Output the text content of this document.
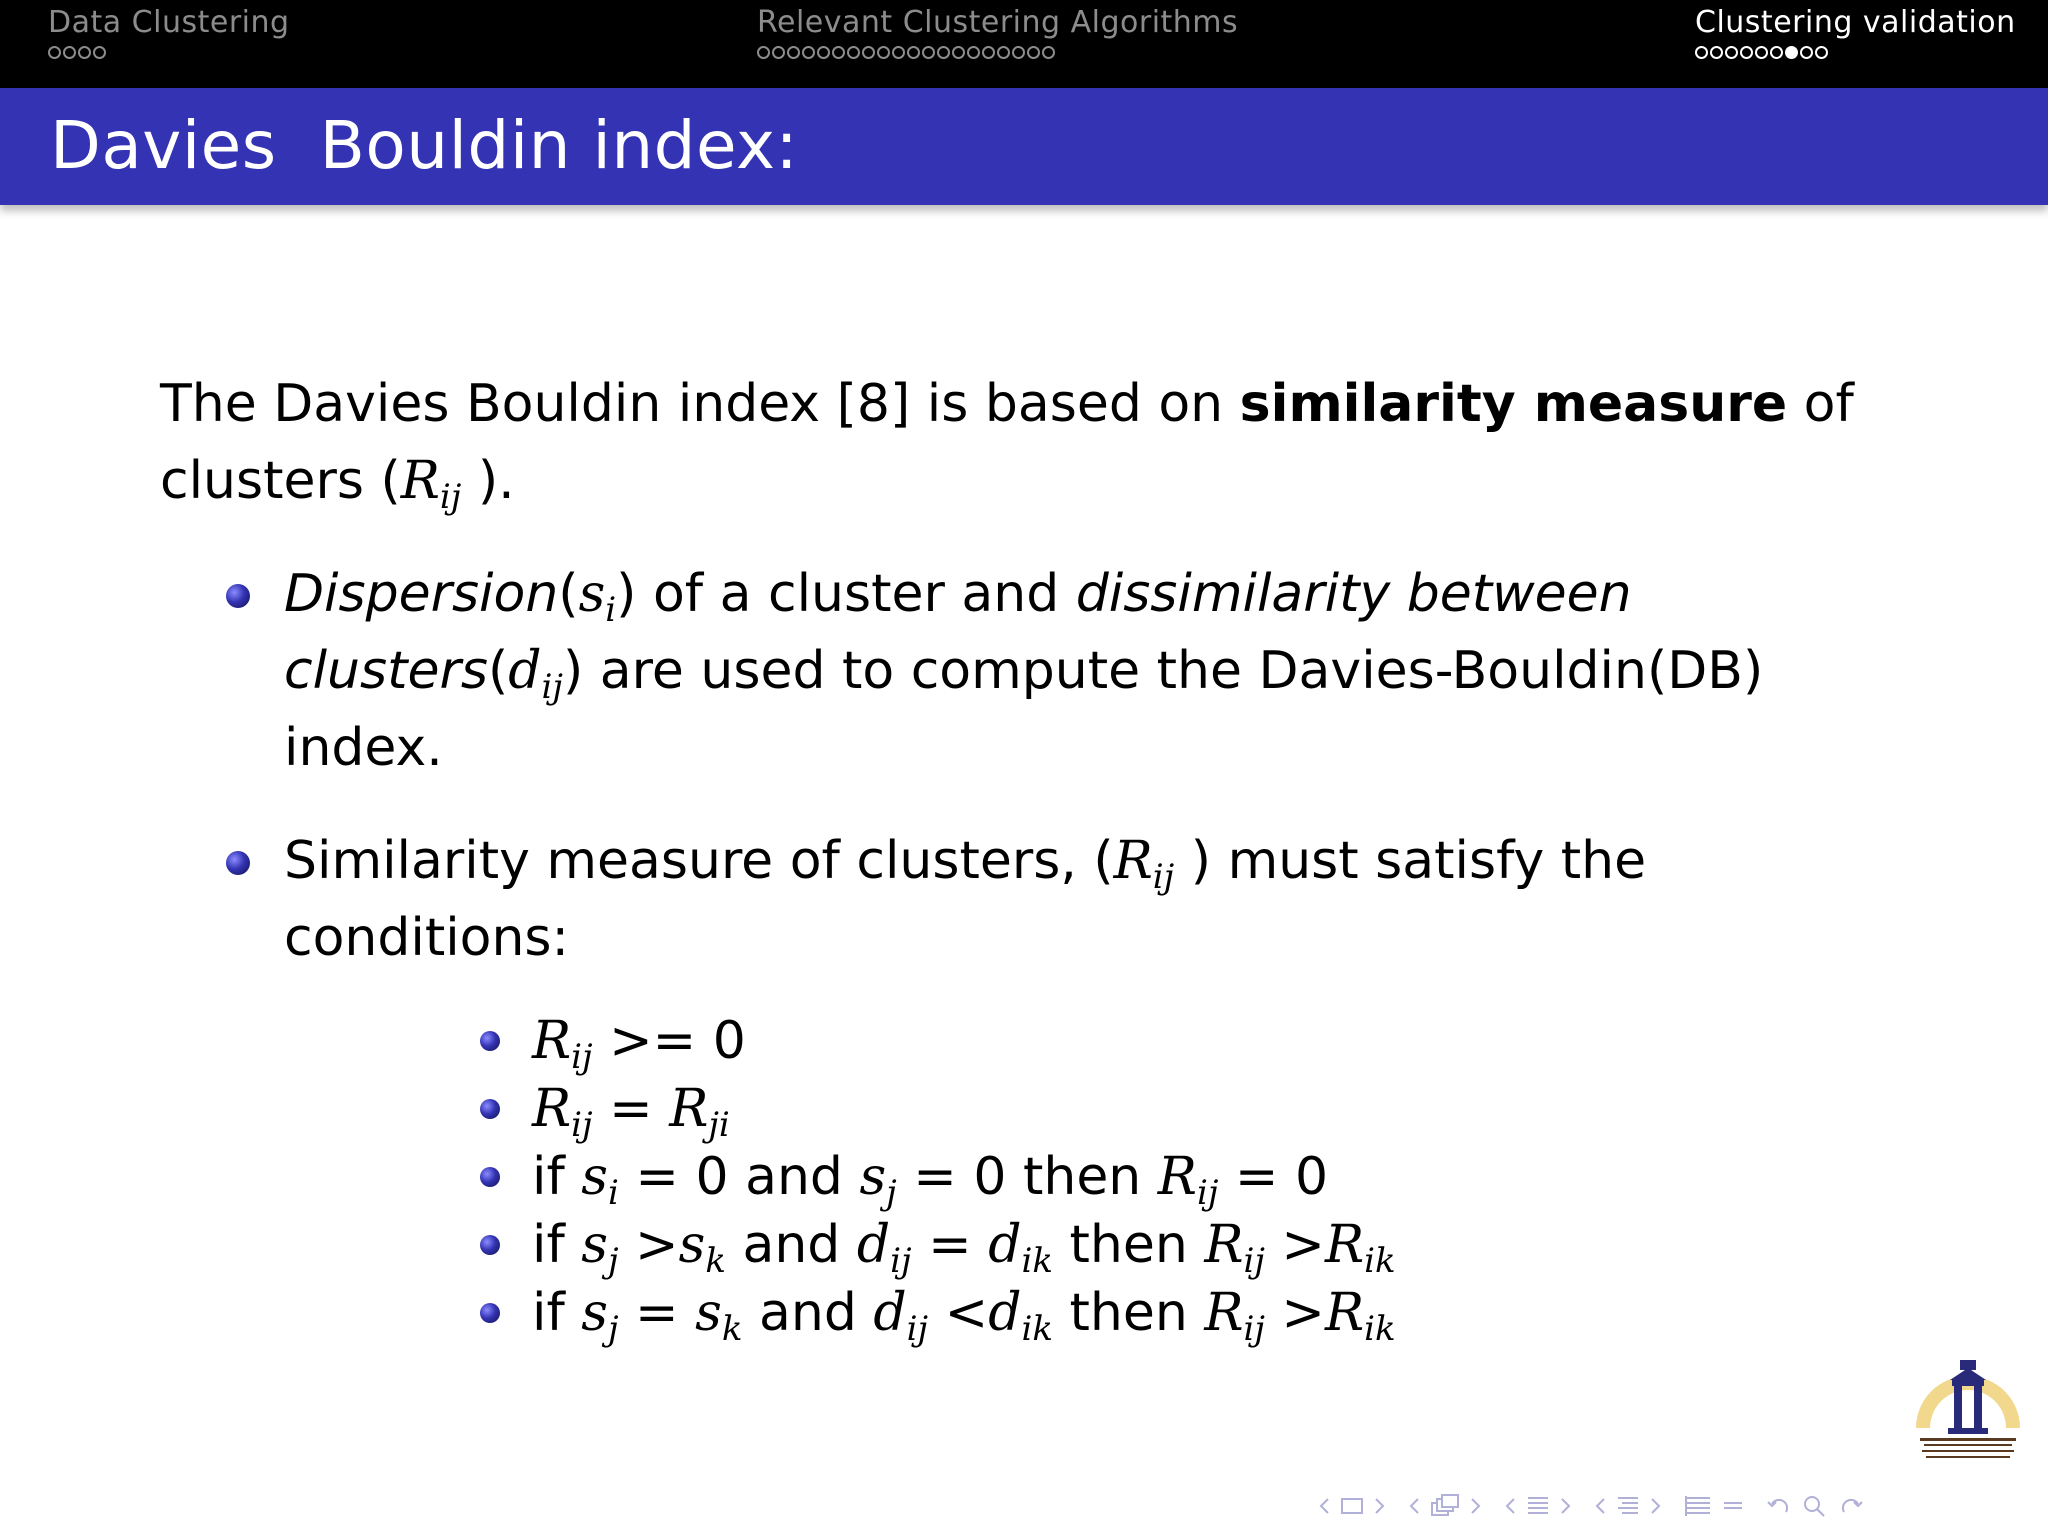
Data Clustering	Relevant Clustering Algorithms	Clustering validation
Davies  Bouldin index:
The Davies Bouldin index [8] is based on similarity measure of clusters ($R_{ij}$ ).
$Dispersion(s_i)$ of a cluster and dissimilarity between $clusters(d_{ij})$ are used to compute the Davies-Bouldin(DB) index.
Similarity measure of clusters, ($R_{ij}$ ) must satisfy the conditions:
$R_{ij} >= 0$
$R_{ij} = R_{ji}$
if $s_i = 0$ and $s_j = 0$ then $R_{ij} = 0$
if $s_j >s_k$ and $d_{ij} = d_{ik}$ then $R_{ij} >R_{ik}$
if $s_j = s_k$ and $d_{ij} <d_{ik}$ then $R_{ij} >R_{ik}$
